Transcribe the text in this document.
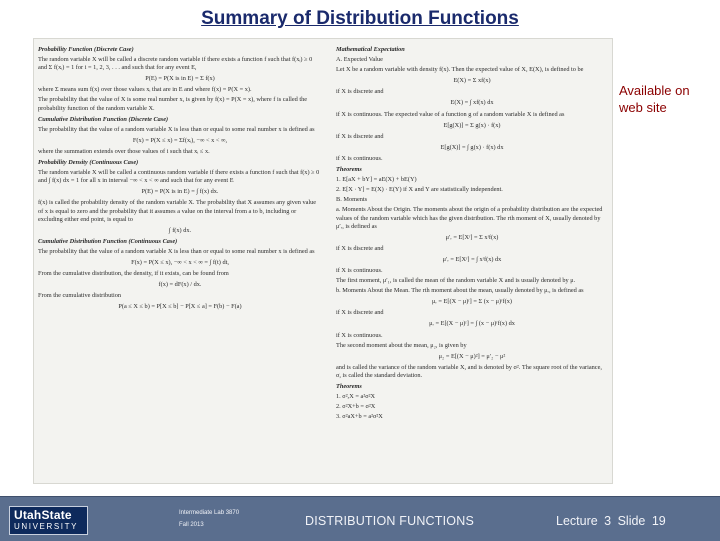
Summary of Distribution Functions

Probability Function (Discrete Case)

The random variable X will be called a discrete random variable if there exists a function f such that f(xᵢ) ≥ 0 and Σ f(xᵢ) = 1 for i = 1, 2, 3, . . . and such that for any event E,

P(E) = P(X is in E) = Σ f(x)

where Σ means sum f(x) over those values xᵢ that are in E and where f(x) = P(X = x).

The probability that the value of X is some real number x, is given by f(x) = P(X = x), where f is called the probability function of the random variable X.

Cumulative Distribution Function (Discrete Case)

The probability that the value of a random variable X is less than or equal to some real number x is defined as

F(x) = P(X ≤ x) = Σf(xᵢ), −∞ < x < ∞,

where the summation extends over those values of i such that xᵢ ≤ x.

Probability Density (Continuous Case)

The random variable X will be called a continuous random variable if there exists a function f such that f(x) ≥ 0 and ∫ f(x) dx = 1 for all x in interval −∞ < x < ∞ and such that for any event E

P(E) = P(X is in E) = ∫ f(x) dx.

f(x) is called the probability density of the random variable X. The probability that X assumes any given value of x is equal to zero and the probability that it assumes a value on the interval from a to b, including or excluding either end point, is equal to

∫ f(x) dx.

Cumulative Distribution Function (Continuous Case)

The probability that the value of a random variable X is less than or equal to some real number x is defined as

F(x) = P(X ≤ x), −∞ < x < ∞ = ∫ f(t) dt,

From the cumulative distribution, the density, if it exists, can be found from

f(x) = dF(x) / dx.

From the cumulative distribution

P(a ≤ X ≤ b) = P[X ≤ b] − P[X ≤ a] = F(b) − F(a)

Mathematical Expectation

A. Expected Value

Let X be a random variable with density f(x). Then the expected value of X, E(X), is defined to be

E(X) = Σ xf(x)

if X is discrete and

E(X) = ∫ xf(x) dx

if X is continuous. The expected value of a function g of a random variable X is defined as

E[g(X)] = Σ g(x) · f(x)

if X is discrete and

E[g(X)] = ∫ g(x) · f(x) dx

if X is continuous.

Theorems

1. E[aX + bY] = aE(X) + bE(Y)

2. E[X · Y] = E(X) · E(Y) if X and Y are statistically independent.

B. Moments

a. Moments About the Origin. The moments about the origin of a probability distribution are the expected values of the random variable which has the given distribution. The rth moment of X, usually denoted by μ′ᵣ, is defined as

μ′ᵣ = E[Xʳ] = Σ xʳf(x)

if X is discrete and

μ′ᵣ = E[Xʳ] = ∫ xʳf(x) dx

if X is continuous.

The first moment, μ′₁, is called the mean of the random variable X and is usually denoted by μ.

b. Moments About the Mean. The rth moment about the mean, usually denoted by μᵣ, is defined as

μᵣ = E[(X − μ)ʳ] = Σ (x − μ)ʳf(x)

if X is discrete and

μᵣ = E[(X − μ)ʳ] = ∫ (x − μ)ʳf(x) dx

if X is continuous.

The second moment about the mean, μ₂, is given by

μ₂ = E[(X − μ)²] = μ′₂ − μ²

and is called the variance of the random variable X, and is denoted by σ². The square root of the variance, σ, is called the standard deviation.

Theorems

1. σ²ₐX = a²σ²X

2. σ²X+b = σ²X

3. σ²aX+b = a²σ²X

Available on web site
UtahState
UNIVERSITY
Intermediate Lab 3870
Fall 2013	DISTRIBUTION FUNCTIONS	Lecture 3 Slide 19
